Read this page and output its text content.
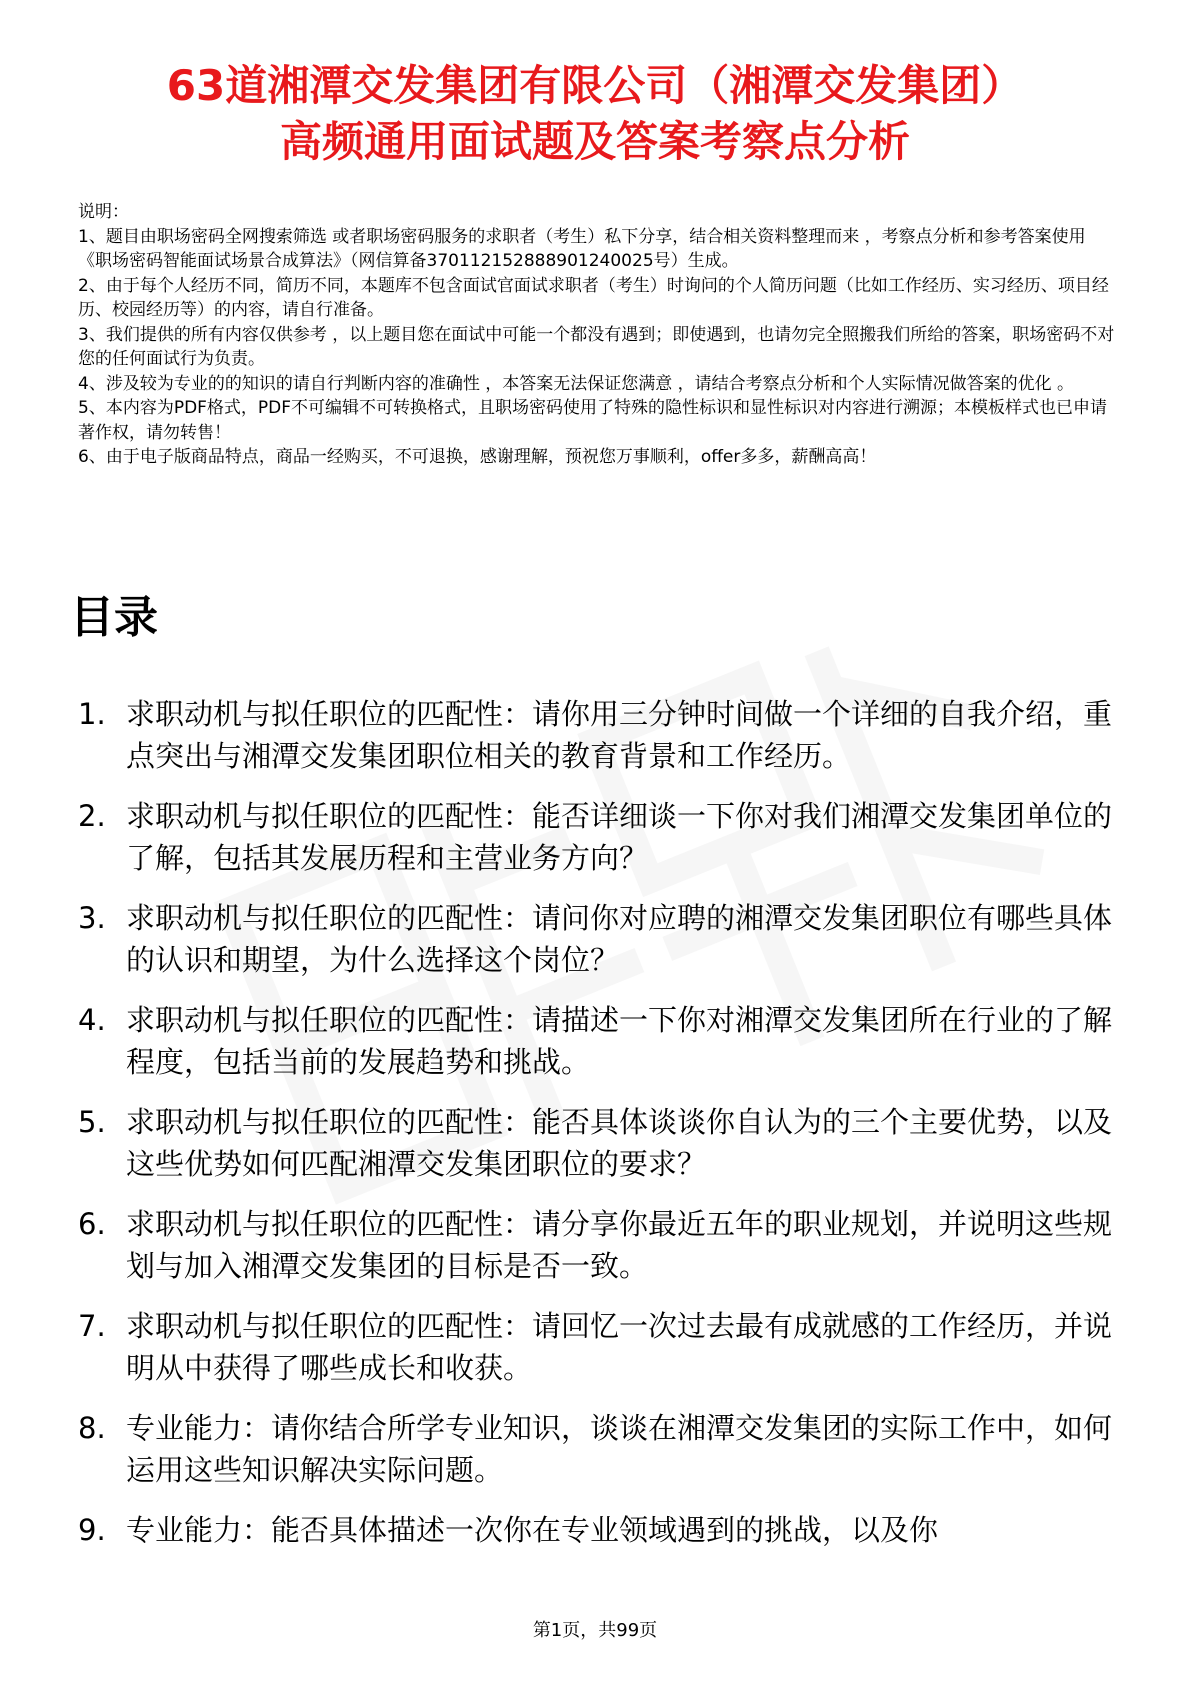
63道湘潭交发集团有限公司（湘潭交发集团）
高频通用面试题及答案考察点分析

说明：

1、题目由职场密码全网搜索筛选 或者职场密码服务的求职者（考生）私下分享，结合相关资料整理而来 ，考察点分析和参考答案使用《职场密码智能面试场景合成算法》（网信算备370112152888901240025号）生成。

2、由于每个人经历不同，简历不同，本题库不包含面试官面试求职者（考生）时询问的个人简历问题（比如工作经历、实习经历、项目经历、校园经历等）的内容，请自行准备。

3、我们提供的所有内容仅供参考 ，以上题目您在面试中可能一个都没有遇到；即使遇到，也请勿完全照搬我们所给的答案，职场密码不对您的任何面试行为负责。

4、涉及较为专业的的知识的请自行判断内容的准确性 ，本答案无法保证您满意 ，请结合考察点分析和个人实际情况做答案的优化 。

5、本内容为PDF格式，PDF不可编辑不可转换格式，且职场密码使用了特殊的隐性标识和显性标识对内容进行溯源；本模板样式也已申请著作权，请勿转售！

6、由于电子版商品特点，商品一经购买，不可退换，感谢理解，预祝您万事顺利，offer多多，薪酬高高！

目录
1. 求职动机与拟任职位的匹配性：请你用三分钟时间做一个详细的自我介绍，重点突出与湘潭交发集团职位相关的教育背景和工作经历。
2. 求职动机与拟任职位的匹配性：能否详细谈一下你对我们湘潭交发集团单位的了解，包括其发展历程和主营业务方向？
3. 求职动机与拟任职位的匹配性：请问你对应聘的湘潭交发集团职位有哪些具体的认识和期望，为什么选择这个岗位？
4. 求职动机与拟任职位的匹配性：请描述一下你对湘潭交发集团所在行业的了解程度，包括当前的发展趋势和挑战。
5. 求职动机与拟任职位的匹配性：能否具体谈谈你自认为的三个主要优势，以及这些优势如何匹配湘潭交发集团职位的要求？
6. 求职动机与拟任职位的匹配性：请分享你最近五年的职业规划，并说明这些规划与加入湘潭交发集团的目标是否一致。
7. 求职动机与拟任职位的匹配性：请回忆一次过去最有成就感的工作经历，并说明从中获得了哪些成长和收获。
8. 专业能力：请你结合所学专业知识，谈谈在湘潭交发集团的实际工作中，如何运用这些知识解决实际问题。
9. 专业能力：能否具体描述一次你在专业领域遇到的挑战，以及你
第1页，共99页
